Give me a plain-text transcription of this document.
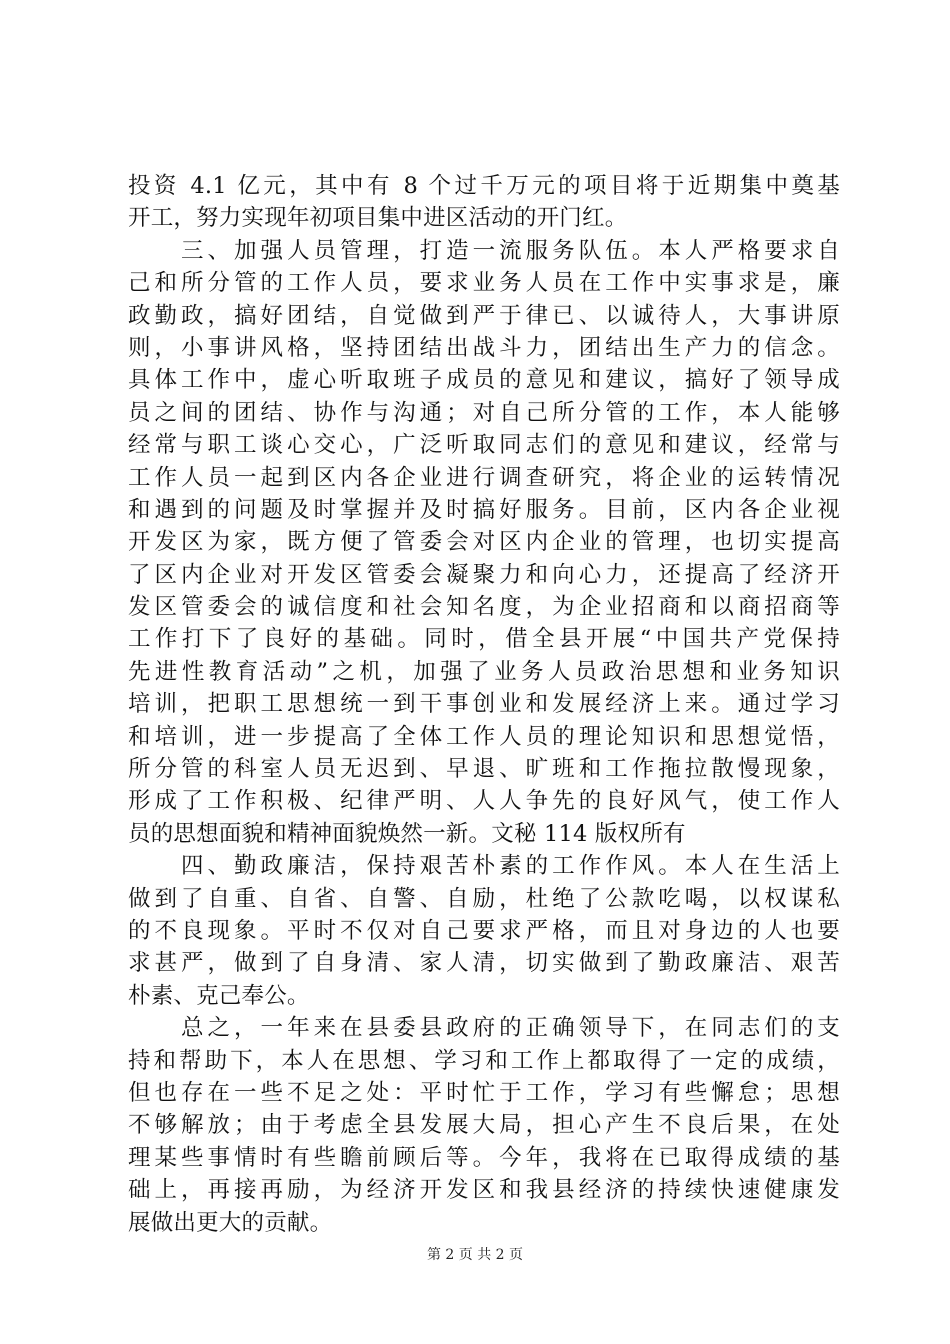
投资 4.1 亿元，其中有 8 个过千万元的项目将于近期集中奠基
开工，努力实现年初项目集中进区活动的开门红。
　　三、加强人员管理，打造一流服务队伍。本人严格要求自
己和所分管的工作人员，要求业务人员在工作中实事求是，廉
政勤政，搞好团结，自觉做到严于律已、以诚待人，大事讲原
则，小事讲风格，坚持团结出战斗力，团结出生产力的信念。
具体工作中，虚心听取班子成员的意见和建议，搞好了领导成
员之间的团结、协作与沟通；对自己所分管的工作，本人能够
经常与职工谈心交心，广泛听取同志们的意见和建议，经常与
工作人员一起到区内各企业进行调查研究，将企业的运转情况
和遇到的问题及时掌握并及时搞好服务。目前，区内各企业视
开发区为家，既方便了管委会对区内企业的管理，也切实提高
了区内企业对开发区管委会凝聚力和向心力，还提高了经济开
发区管委会的诚信度和社会知名度，为企业招商和以商招商等
工作打下了良好的基础。同时，借全县开展“中国共产党保持
先进性教育活动”之机，加强了业务人员政治思想和业务知识
培训，把职工思想统一到干事创业和发展经济上来。通过学习
和培训，进一步提高了全体工作人员的理论知识和思想觉悟，
所分管的科室人员无迟到、早退、旷班和工作拖拉散慢现象，
形成了工作积极、纪律严明、人人争先的良好风气，使工作人
员的思想面貌和精神面貌焕然一新。文秘 114 版权所有
　　四、勤政廉洁，保持艰苦朴素的工作作风。本人在生活上
做到了自重、自省、自警、自励，杜绝了公款吃喝，以权谋私
的不良现象。平时不仅对自己要求严格，而且对身边的人也要
求甚严，做到了自身清、家人清，切实做到了勤政廉洁、艰苦
朴素、克己奉公。
　　总之，一年来在县委县政府的正确领导下，在同志们的支
持和帮助下，本人在思想、学习和工作上都取得了一定的成绩，
但也存在一些不足之处：平时忙于工作，学习有些懈怠；思想
不够解放；由于考虑全县发展大局，担心产生不良后果，在处
理某些事情时有些瞻前顾后等。今年，我将在已取得成绩的基
础上，再接再励，为经济开发区和我县经济的持续快速健康发
展做出更大的贡献。
第 2 页 共 2 页
